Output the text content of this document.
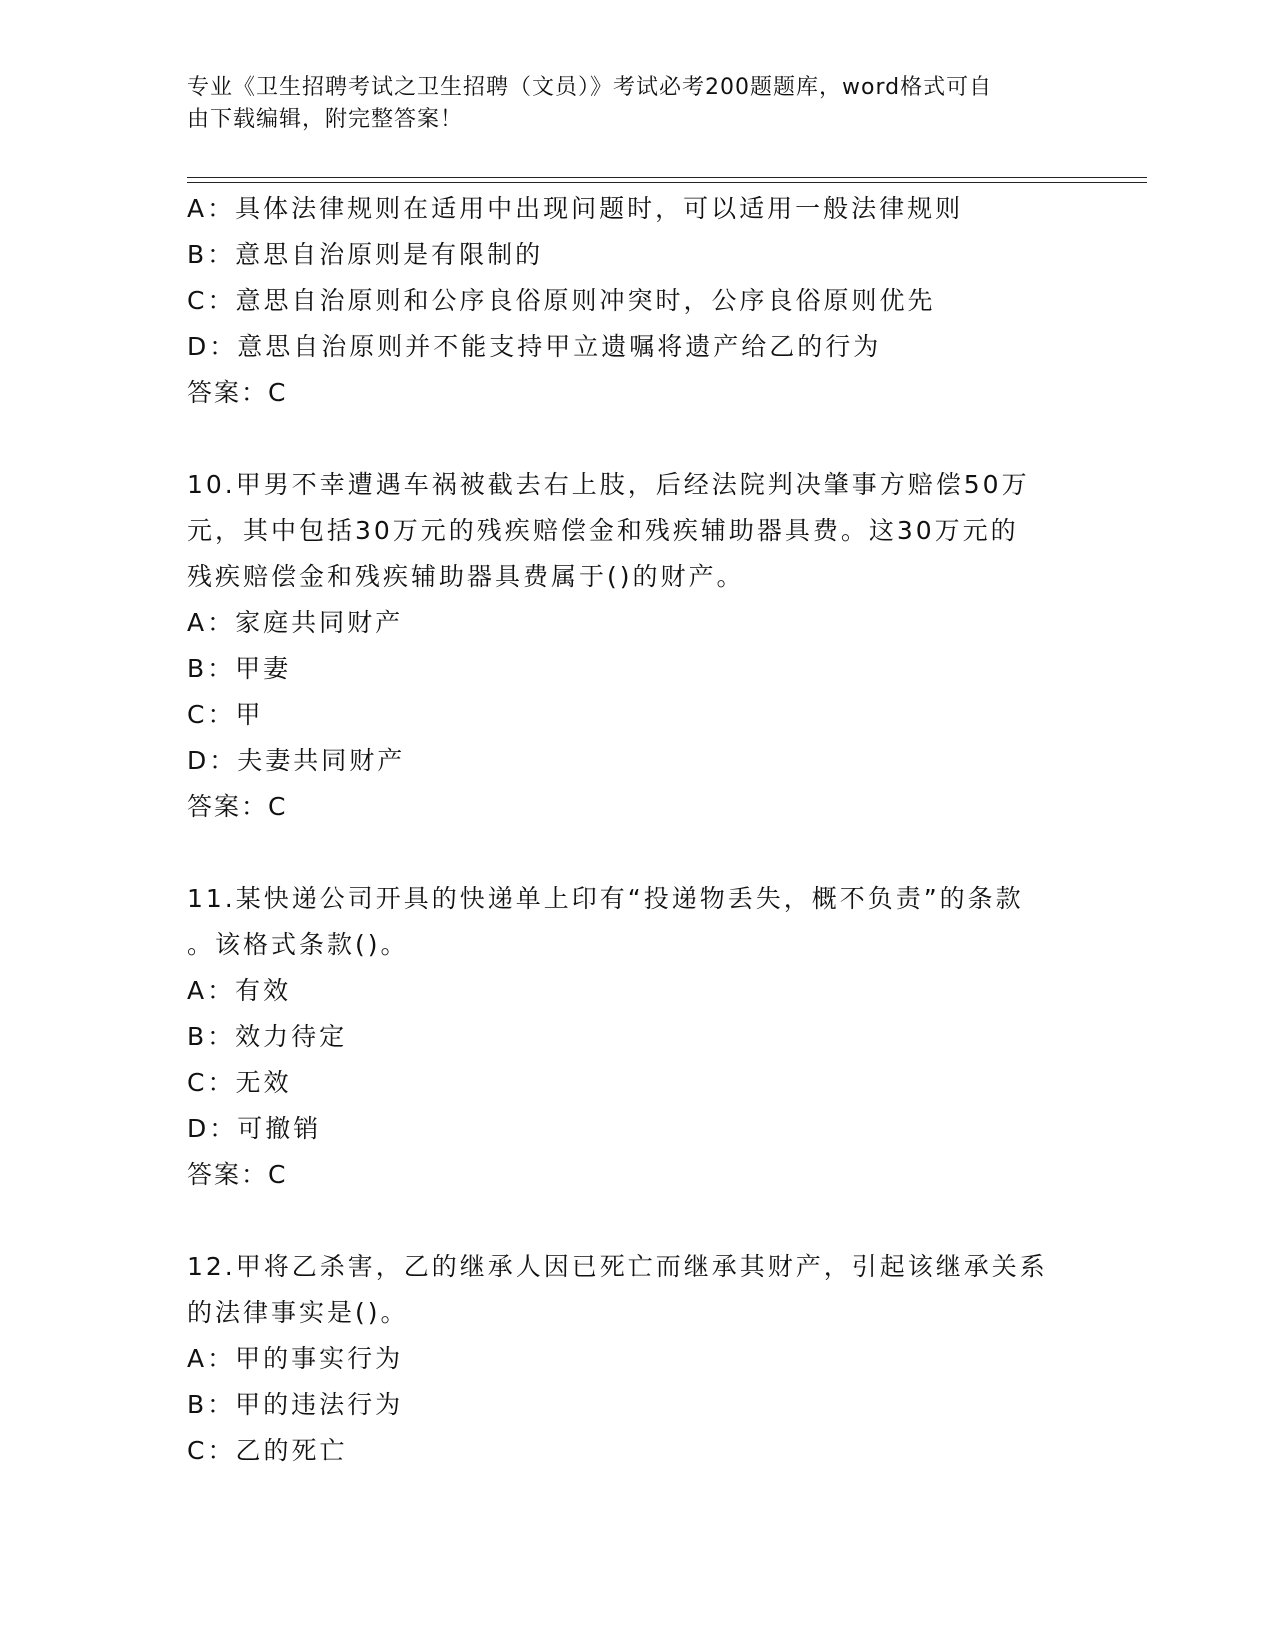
专业《卫生招聘考试之卫生招聘（文员）》考试必考200题题库，word格式可自
由下载编辑，附完整答案！
A：具体法律规则在适用中出现问题时，可以适用一般法律规则
B：意思自治原则是有限制的
C：意思自治原则和公序良俗原则冲突时，公序良俗原则优先
D：意思自治原则并不能支持甲立遗嘱将遗产给乙的行为
答案：C
10.甲男不幸遭遇车祸被截去右上肢，后经法院判决肇事方赔偿50万
元，其中包括30万元的残疾赔偿金和残疾辅助器具费。这30万元的
残疾赔偿金和残疾辅助器具费属于()的财产。
A：家庭共同财产
B：甲妻
C：甲
D：夫妻共同财产
答案：C
11.某快递公司开具的快递单上印有“投递物丢失，概不负责”的条款
。该格式条款()。
A：有效
B：效力待定
C：无效
D：可撤销
答案：C
12.甲将乙杀害，乙的继承人因已死亡而继承其财产，引起该继承关系
的法律事实是()。
A：甲的事实行为
B：甲的违法行为
C：乙的死亡
